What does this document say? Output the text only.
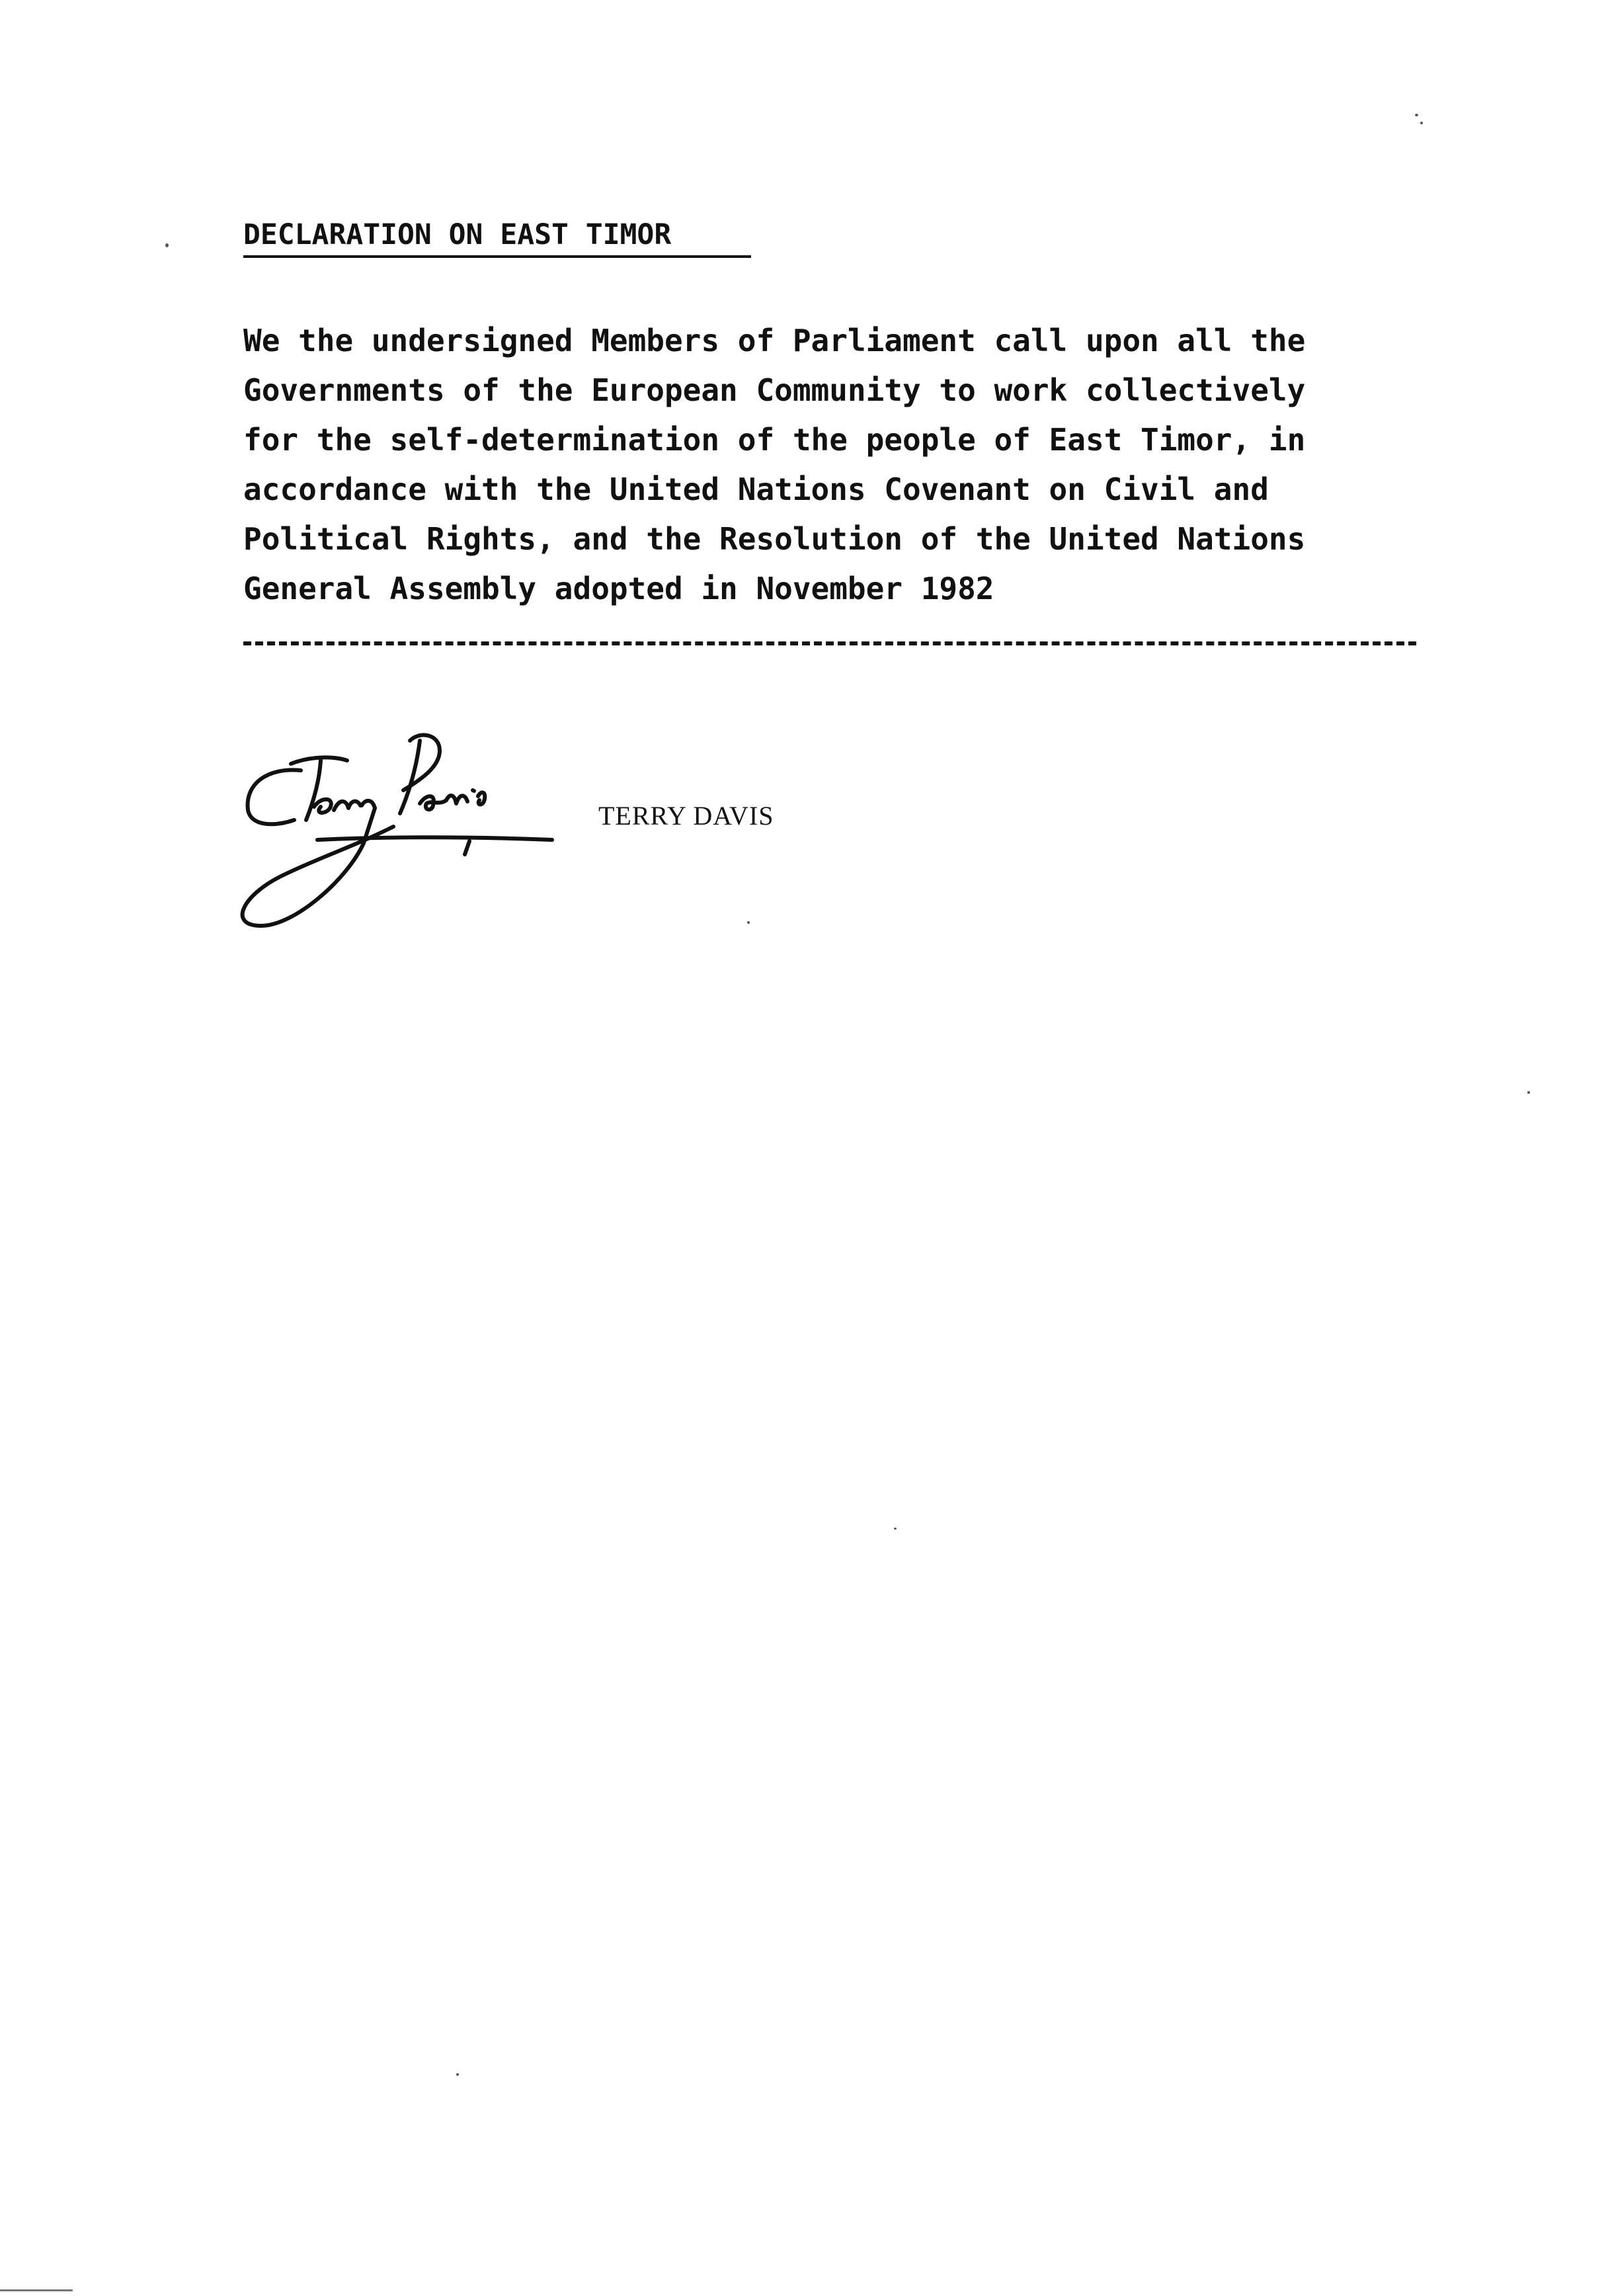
DECLARATION ON EAST TIMOR
We the undersigned Members of Parliament call upon all the
Governments of the European Community to work collectively
for the self-determination of the people of East Timor, in
accordance with the United Nations Covenant on Civil and
Political Rights, and the Resolution of the United Nations
General Assembly adopted in November 1982
TERRY DAVIS
